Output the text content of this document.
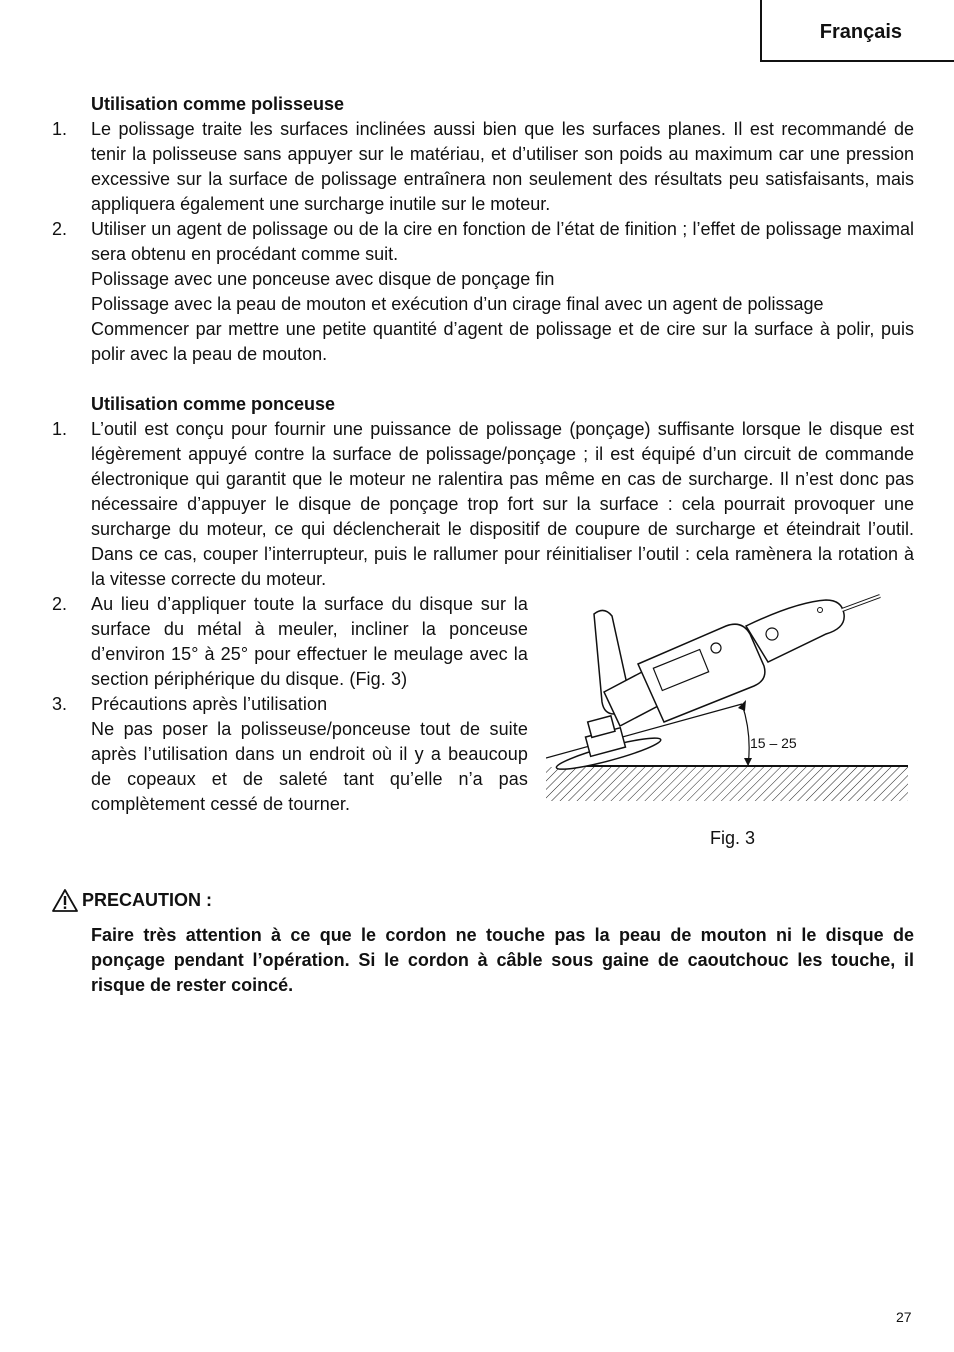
Français
Utilisation comme polisseuse
1.	Le polissage traite les surfaces inclinées aussi bien que les surfaces planes. Il est recommandé de tenir la polisseuse sans appuyer sur le matériau, et d’utiliser son poids au maximum car une pression excessive sur la surface de polissage entraînera non seulement des résultats peu satisfaisants, mais appliquera également une surcharge inutile sur le moteur.

2.	Utiliser un agent de polissage ou de la cire en fonction de l’état de finition ; l’effet de polissage maximal sera obtenu en procédant comme suit.

Polissage avec une ponceuse avec disque de ponçage fin

Polissage avec la peau de mouton et exécution d’un cirage final avec un agent de polissage

Commencer par mettre une petite quantité d’agent de polissage et de cire sur la surface à polir, puis polir avec la peau de mouton.

Utilisation comme ponceuse
1.	L’outil est conçu pour fournir une puissance de polissage (ponçage) suffisante lorsque le disque est légèrement appuyé contre la surface de polissage/ponçage ; il est équipé d’un circuit de commande électronique qui garantit que le moteur ne ralentira pas même en cas de surcharge. Il n’est donc pas nécessaire d’appuyer le disque de ponçage trop fort sur la surface : cela pourrait provoquer une surcharge du moteur, ce qui déclencherait le dispositif de coupure de surcharge et éteindrait l’outil. Dans ce cas, couper l’interrupteur, puis le rallumer pour réinitialiser l’outil : cela ramènera la rotation à la vitesse correcte du moteur.

2.	Au lieu d’appliquer toute la surface du disque sur la surface du métal à meuler, incliner la ponceuse d’environ 15° à 25° pour effectuer le meulage avec la section périphérique du disque. (Fig. 3)

3.	Précautions après l’utilisation

Ne pas poser la polisseuse/ponceuse tout de suite après l’utilisation dans un endroit où il y a beaucoup de copeaux et de saleté tant qu’elle n’a pas complètement cessé de tourner.

15 – 25
Fig. 3
PRECAUTION :
Faire très attention à ce que le cordon ne touche pas la peau de mouton ni le disque de ponçage pendant l’opération. Si le cordon à câble sous gaine de caoutchouc les touche, il risque de rester coincé.
27
